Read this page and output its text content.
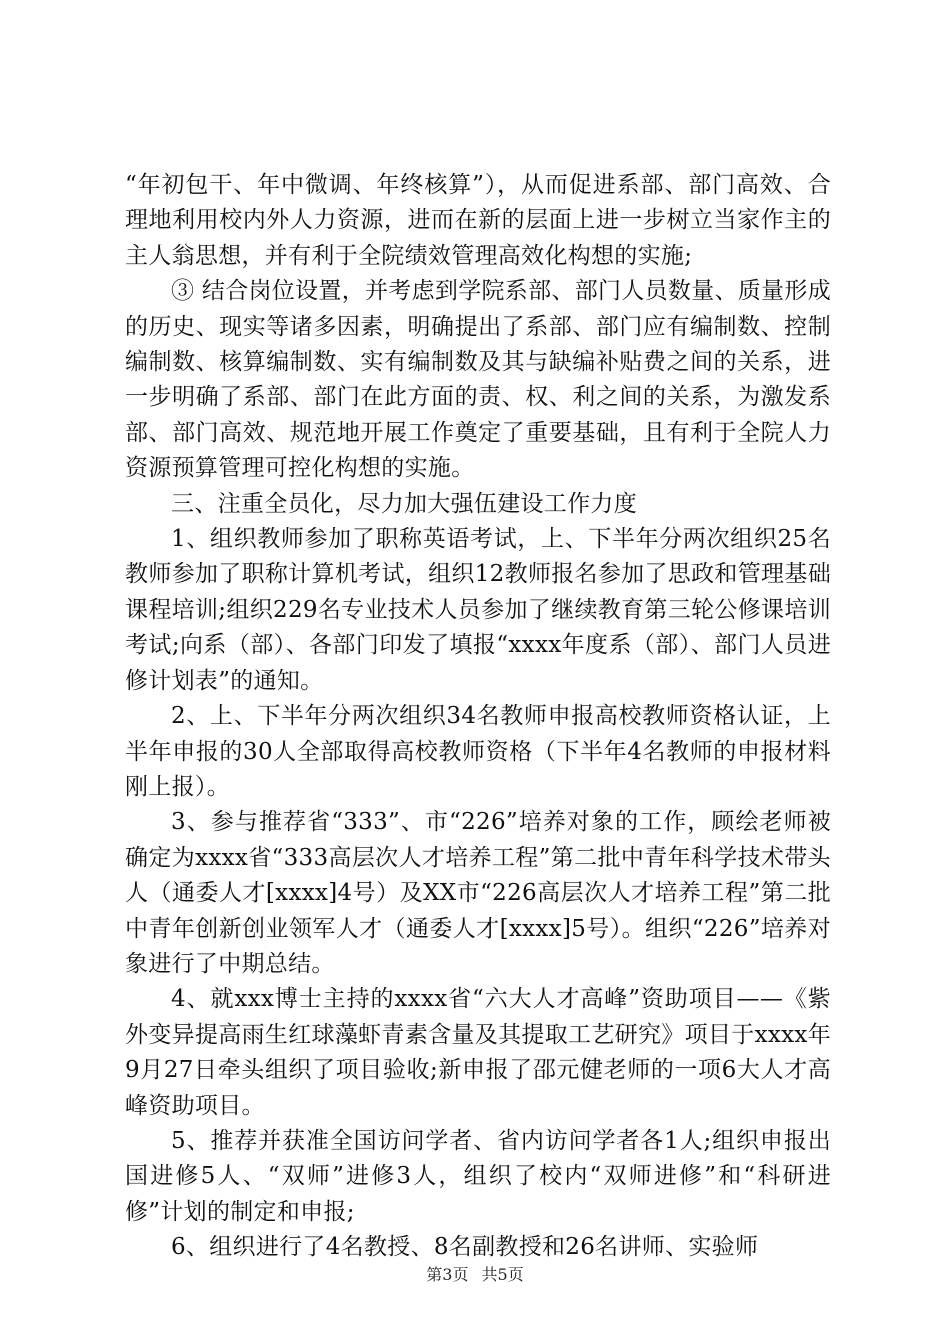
“年初包干、年中微调、年终核算”），从而促进系部、部门高效、合理地利用校内外人力资源，进而在新的层面上进一步树立当家作主的主人翁思想，并有利于全院绩效管理高效化构想的实施;

③ 结合岗位设置，并考虑到学院系部、部门人员数量、质量形成的历史、现实等诸多因素，明确提出了系部、部门应有编制数、控制编制数、核算编制数、实有编制数及其与缺编补贴费之间的关系，进一步明确了系部、部门在此方面的责、权、利之间的关系，为激发系部、部门高效、规范地开展工作奠定了重要基础，且有利于全院人力资源预算管理可控化构想的实施。

三、注重全员化，尽力加大强伍建设工作力度

1、组织教师参加了职称英语考试，上、下半年分两次组织25名教师参加了职称计算机考试，组织12教师报名参加了思政和管理基础课程培训;组织229名专业技术人员参加了继续教育第三轮公修课培训考试;向系（部）、各部门印发了填报“xxxx年度系（部）、部门人员进修计划表”的通知。

2、上、下半年分两次组织34名教师申报高校教师资格认证，上半年申报的30人全部取得高校教师资格（下半年4名教师的申报材料刚上报）。

3、参与推荐省“333”、市“226”培养对象的工作，顾绘老师被确定为xxxx省“333高层次人才培养工程”第二批中青年科学技术带头人（通委人才[xxxx]4号）及XX市“226高层次人才培养工程”第二批中青年创新创业领军人才（通委人才[xxxx]5号）。组织“226”培养对象进行了中期总结。

4、就xxx博士主持的xxxx省“六大人才高峰”资助项目——《紫外变异提高雨生红球藻虾青素含量及其提取工艺研究》项目于xxxx年9月27日牵头组织了项目验收;新申报了邵元健老师的一项6大人才高峰资助项目。

5、推荐并获准全国访问学者、省内访问学者各1人;组织申报出国进修5人、“双师”进修3人，组织了校内“双师进修”和“科研进修”计划的制定和申报;

6、组织进行了4名教授、8名副教授和26名讲师、实验师

第3页 共5页
